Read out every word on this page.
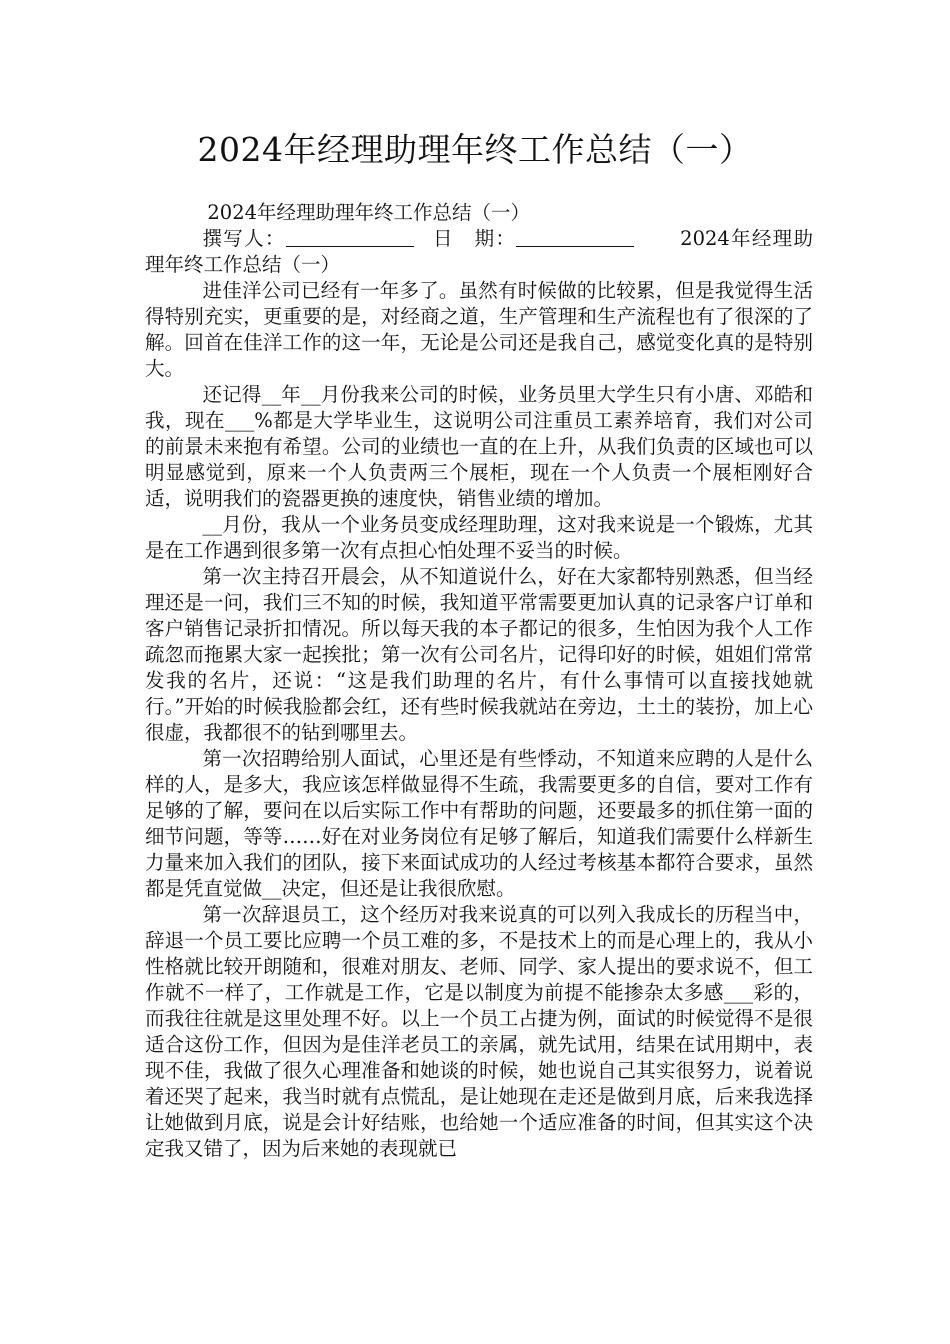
2024年经理助理年终工作总结（一）

2024年经理助理年终工作总结（一）

撰写人：	日　期：	2024年经理助理年终工作总结（一）

进佳洋公司已经有一年多了。虽然有时候做的比较累，但是我觉得生活得特别充实，更重要的是，对经商之道，生产管理和生产流程也有了很深的了解。回首在佳洋工作的这一年，无论是公司还是我自己，感觉变化真的是特别大。

还记得__年__月份我来公司的时候，业务员里大学生只有小唐、邓皓和我，现在___%都是大学毕业生，这说明公司注重员工素养培育，我们对公司的前景未来抱有希望。公司的业绩也一直的在上升，从我们负责的区域也可以明显感觉到，原来一个人负责两三个展柜，现在一个人负责一个展柜刚好合适，说明我们的瓷器更换的速度快，销售业绩的增加。

__月份，我从一个业务员变成经理助理，这对我来说是一个锻炼，尤其是在工作遇到很多第一次有点担心怕处理不妥当的时候。

第一次主持召开晨会，从不知道说什么，好在大家都特别熟悉，但当经理还是一问，我们三不知的时候，我知道平常需要更加认真的记录客户订单和客户销售记录折扣情况。所以每天我的本子都记的很多，生怕因为我个人工作疏忽而拖累大家一起挨批；第一次有公司名片，记得印好的时候，姐姐们常常发我的名片，还说：“这是我们助理的名片，有什么事情可以直接找她就行。”开始的时候我脸都会红，还有些时候我就站在旁边，土土的装扮，加上心很虚，我都很不的钻到哪里去。

第一次招聘给别人面试，心里还是有些悸动，不知道来应聘的人是什么样的人，是多大，我应该怎样做显得不生疏，我需要更多的自信，要对工作有足够的了解，要问在以后实际工作中有帮助的问题，还要最多的抓住第一面的细节问题，等等……好在对业务岗位有足够了解后，知道我们需要什么样新生力量来加入我们的团队，接下来面试成功的人经过考核基本都符合要求，虽然都是凭直觉做__决定，但还是让我很欣慰。

第一次辞退员工，这个经历对我来说真的可以列入我成长的历程当中，辞退一个员工要比应聘一个员工难的多，不是技术上的而是心理上的，我从小性格就比较开朗随和，很难对朋友、老师、同学、家人提出的要求说不，但工作就不一样了，工作就是工作，它是以制度为前提不能掺杂太多感___彩的，而我往往就是这里处理不好。以上一个员工占捷为例，面试的时候觉得不是很适合这份工作，但因为是佳洋老员工的亲属，就先试用，结果在试用期中，表现不佳，我做了很久心理准备和她谈的时候，她也说自己其实很努力，说着说着还哭了起来，我当时就有点慌乱，是让她现在走还是做到月底，后来我选择让她做到月底，说是会计好结账，也给她一个适应准备的时间，但其实这个决定我又错了，因为后来她的表现就已
